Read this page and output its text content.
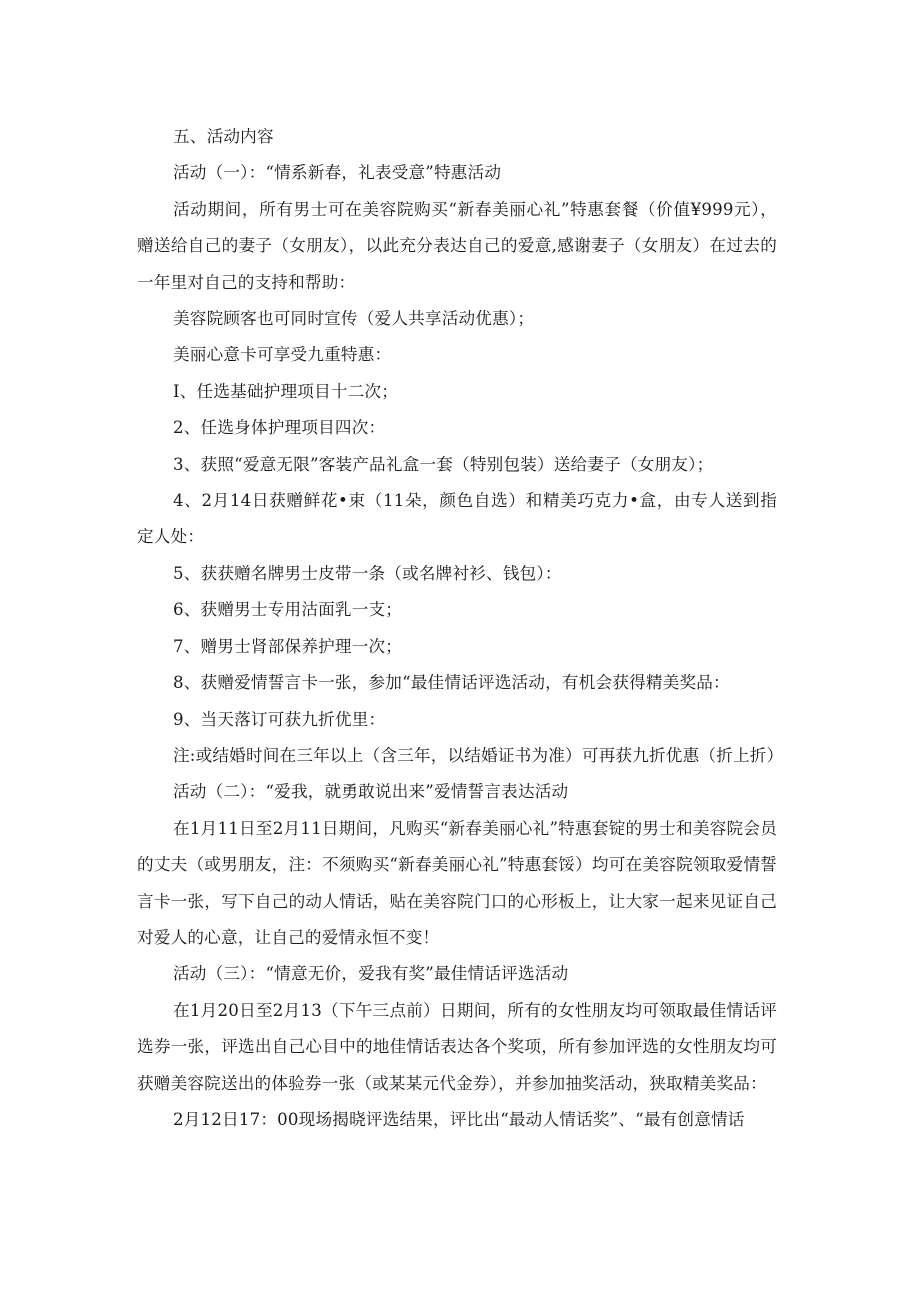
五、活动内容

活动（一）：“情系新春，礼表受意”特惠活动

活动期间，所有男士可在美容院购买“新春美丽心礼”特惠套餐（价值¥999元），赠送给自己的妻子（女朋友），以此充分表达自己的爱意,感谢妻子（女朋友）在过去的一年里对自己的支持和帮助：

美容院顾客也可同时宣传（爱人共享活动优惠）；

美丽心意卡可享受九重特惠：

I、任选基础护理项目十二次；

2、任选身体护理项目四次：

3、获照“爱意无限”客装产品礼盒一套（特别包装）送给妻子（女朋友）；

4、2月14日获赠鲜花•束（11朵，颜色自选）和精美巧克力•盒，由专人送到指定人处：

5、获获赠名牌男士皮带一条（或名牌衬衫、钱包）：

6、获赠男士专用沽面乳一支；

7、赠男士肾部保养护理一次；

8、获赠爱情誓言卡一张，参加“最佳情话评选活动，有机会获得精美奖品：

9、当天落订可获九折优里：

注:或结婚时间在三年以上（含三年，以结婚证书为准）可再获九折优惠（折上折）

活动（二）：“爱我，就勇敢说出来”爱情誓言表达活动

在1月11日至2月11日期间，凡购买“新春美丽心礼”特惠套锭的男士和美容院会员的丈夫（或男朋友，注：不须购买“新春美丽心礼”特惠套馁）均可在美容院领取爱情誓言卡一张，写下自己的动人情话，贴在美容院门口的心形板上，让大家一起来见证自己对爱人的心意，让自己的爱情永恒不变！

活动（三）：“情意无价，爱我有奖”最佳情话评选活动

在1月20日至2月13（下午三点前）日期间，所有的女性朋友均可领取最佳情话评选券一张，评选出自己心目中的地佳情话表达各个奖项，所有参加评选的女性朋友均可获赠美容院送出的体验券一张（或某某元代金券），并参加抽奖活动，狭取精美奖品：

2月12日17：00现场揭晓评选结果，评比出“最动人情话奖”、“最有创意情话
